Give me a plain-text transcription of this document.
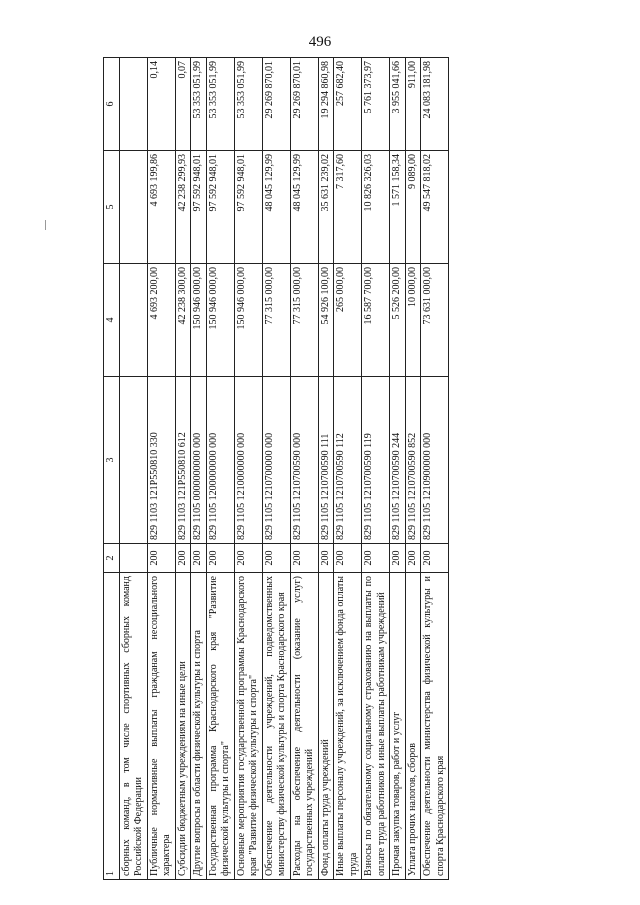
496
1	2	3	4	5	6
сборных команд, в том числе спортивных сборных команд Российской Федерации					
Публичные нормативные выплаты гражданам несоциального характера	200	829 1103 121P550810 330	4 693 200,00	4 693 199,86	0,14
Субсидии бюджетным учреждениям на иные цели	200	829 1103 121P550810 612	42 238 300,00	42 238 299,93	0,07
Другие вопросы в области физической культуры и спорта	200	829 1105 0000000000 000	150 946 000,00	97 592 948,01	53 353 051,99
Государственная программа Краснодарского края "Развитие физической культуры и спорта"	200	829 1105 1200000000 000	150 946 000,00	97 592 948,01	53 353 051,99
Основные мероприятия государственной программы Краснодарского края "Развитие физической культуры и спорта"	200	829 1105 1210000000 000	150 946 000,00	97 592 948,01	53 353 051,99
Обеспечение деятельности учреждений, подведомственных министерству физической культуры и спорта Краснодарского края	200	829 1105 1210700000 000	77 315 000,00	48 045 129,99	29 269 870,01
Расходы на обеспечение деятельности (оказание услуг) государственных учреждений	200	829 1105 1210700590 000	77 315 000,00	48 045 129,99	29 269 870,01
Фонд оплаты труда учреждений	200	829 1105 1210700590 111	54 926 100,00	35 631 239,02	19 294 860,98
Иные выплаты персоналу учреждений, за исключением фонда оплаты труда	200	829 1105 1210700590 112	265 000,00	7 317,60	257 682,40
Взносы по обязательному социальному страхованию на выплаты по оплате труда работников и иные выплаты работникам учреждений	200	829 1105 1210700590 119	16 587 700,00	10 826 326,03	5 761 373,97
Прочая закупка товаров, работ и услуг	200	829 1105 1210700590 244	5 526 200,00	1 571 158,34	3 955 041,66
Уплата прочих налогов, сборов	200	829 1105 1210700590 852	10 000,00	9 089,00	911,00
Обеспечение деятельности министерства физической культуры и спорта Краснодарского края	200	829 1105 1210900000 000	73 631 000,00	49 547 818,02	24 083 181,98
